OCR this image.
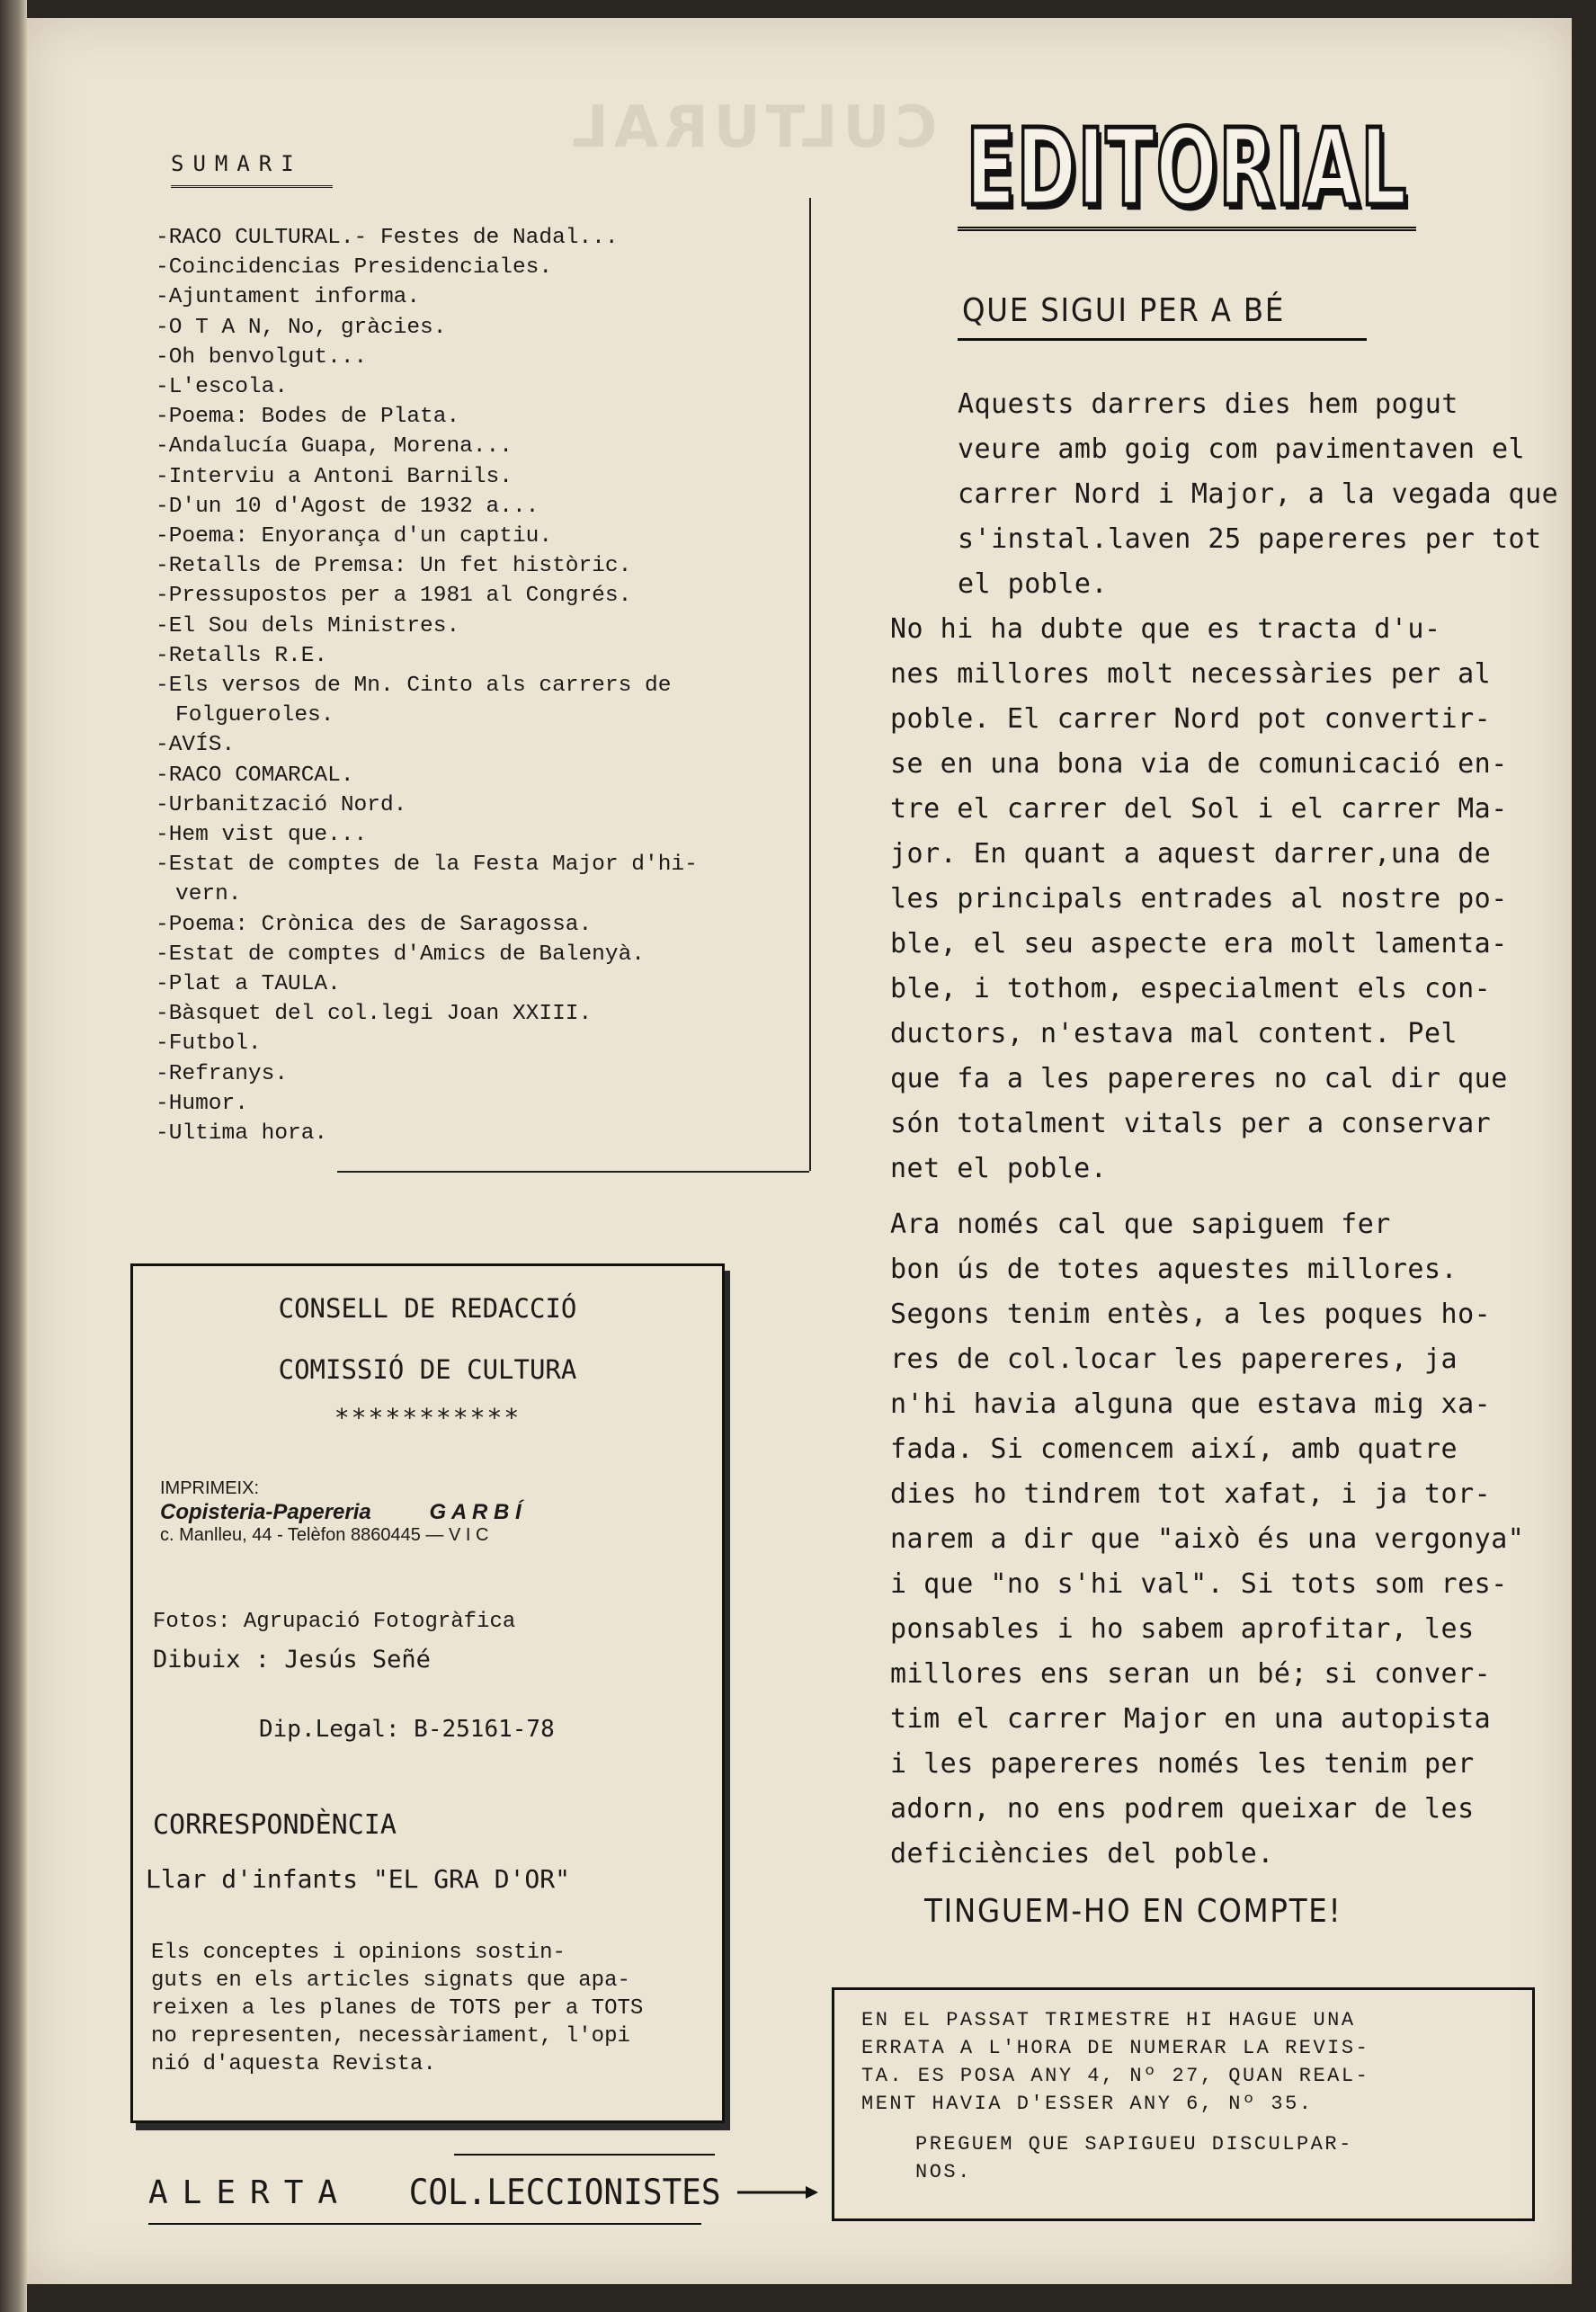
CULTURAL
SUMARI
-RACO CULTURAL.- Festes de Nadal...
-Coincidencias Presidenciales.
-Ajuntament informa.
-O T A N, No, gràcies.
-Oh benvolgut...
-L'escola.
-Poema: Bodes de Plata.
-Andalucía Guapa, Morena...
-Interviu a Antoni Barnils.
-D'un 10 d'Agost de 1932 a...
-Poema: Enyorança d'un captiu.
-Retalls de Premsa: Un fet històric.
-Pressupostos per a 1981 al Congrés.
-El Sou dels Ministres.
-Retalls R.E.
-Els versos de Mn. Cinto als carrers de
Folgueroles.
-AVÍS.
-RACO COMARCAL.
-Urbanització Nord.
-Hem vist que...
-Estat de comptes de la Festa Major d'hi-
vern.
-Poema: Crònica des de Saragossa.
-Estat de comptes d'Amics de Balenyà.
-Plat a TAULA.
-Bàsquet del col.legi Joan XXIII.
-Futbol.
-Refranys.
-Humor.
-Ultima hora.
CONSELL DE REDACCIÓ
COMISSIÓ DE CULTURA
***********
IMPRIMEIX:
Copisteria-Papereria	G A R B Í
c. Manlleu, 44 - Telèfon 8860445 — V I C
Fotos: Agrupació Fotogràfica
Dibuix : Jesús Señé
Dip.Legal: B-25161-78
CORRESPONDÈNCIA
Llar d'infants "EL GRA D'OR"
Els conceptes i opinions sostin-
guts en els articles signats que apa-
reixen a les planes de TOTS per a TOTS
no representen, necessàriament, l'opi
nió d'aquesta Revista.
ALERTA COL.LECCIONISTES
EDITORIAL
QUE SIGUI PER A BÉ

Aquests darrers dies hem pogut
veure amb goig com pavimentaven el
carrer Nord i Major, a la vegada que
s'instal.laven 25 papereres per tot
el poble.

No hi ha dubte que es tracta d'u-
nes millores molt necessàries per al
poble. El carrer Nord pot convertir-
se en una bona via de comunicació en-
tre el carrer del Sol i el carrer Ma-
jor. En quant a aquest darrer,una de
les principals entrades al nostre po-
ble, el seu aspecte era molt lamenta-
ble, i tothom, especialment els con-
ductors, n'estava mal content. Pel
que fa a les papereres no cal dir que
són totalment vitals per a conservar
net el poble.

Ara només cal que sapiguem fer
bon ús de totes aquestes millores.
Segons tenim entès, a les poques ho-
res de col.locar les papereres, ja
n'hi havia alguna que estava mig xa-
fada. Si comencem així, amb quatre
dies ho tindrem tot xafat, i ja tor-
narem a dir que "això és una vergonya"
i que "no s'hi val". Si tots som res-
ponsables i ho sabem aprofitar, les
millores ens seran un bé; si conver-
tim el carrer Major en una autopista
i les papereres només les tenim per
adorn, no ens podrem queixar de les
deficiències del poble.

TINGUEM-HO EN COMPTE!

EN EL PASSAT TRIMESTRE HI HAGUE UNA
ERRATA A L'HORA DE NUMERAR LA REVIS-
TA. ES POSA ANY 4, Nº 27, QUAN REAL-
MENT HAVIA D'ESSER ANY 6, Nº 35.

PREGUEM QUE SAPIGUEU DISCULPAR-
NOS.
